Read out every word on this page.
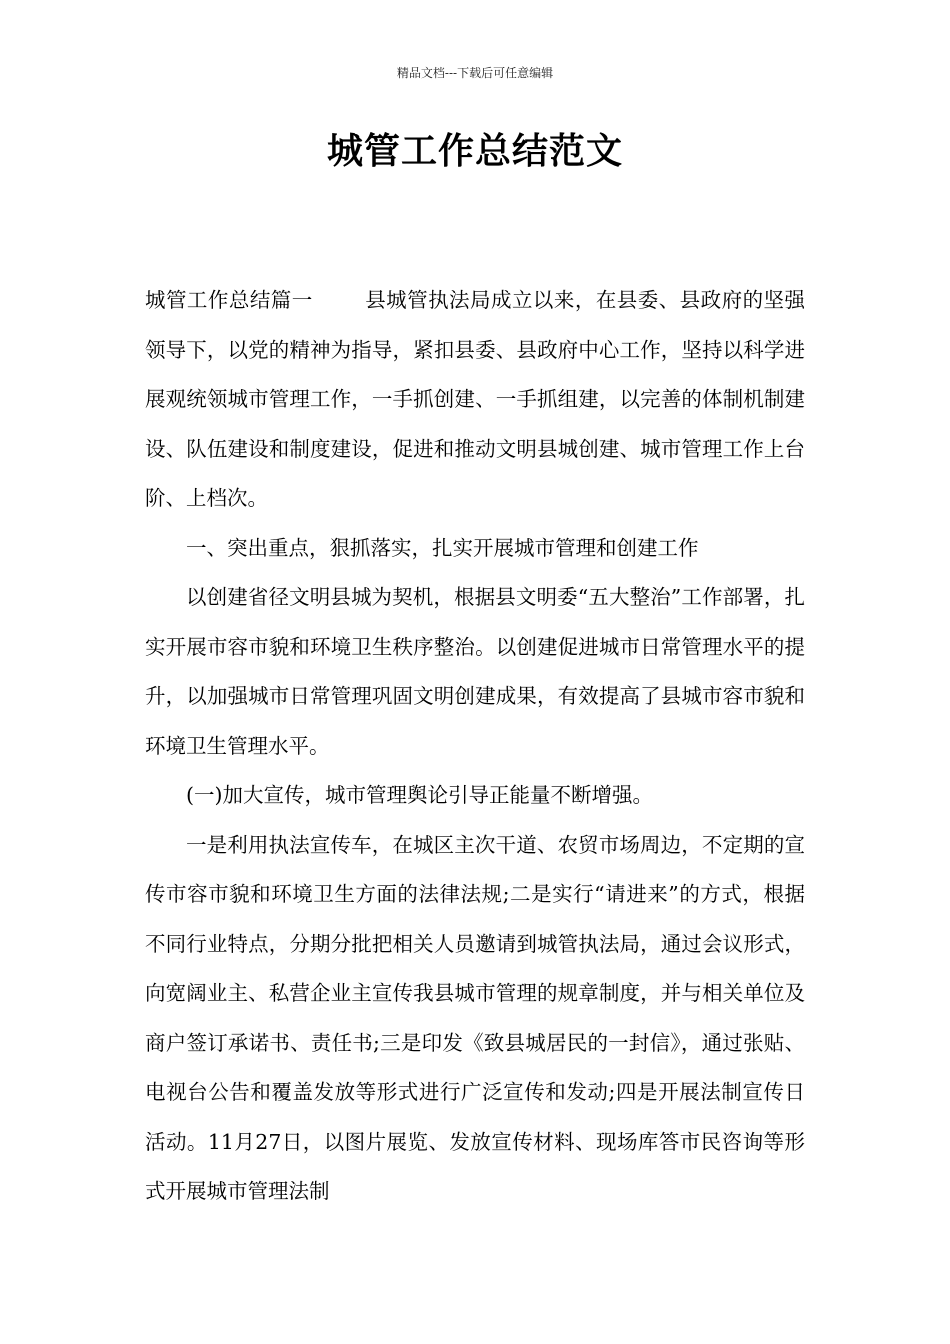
精品文档---下载后可任意编辑
城管工作总结范文

城管工作总结篇一	县城管执法局成立以来，在县委、县政府的坚强领导下，以党的精神为指导，紧扣县委、县政府中心工作，坚持以科学进展观统领城市管理工作，一手抓创建、一手抓组建，以完善的体制机制建设、队伍建设和制度建设，促进和推动文明县城创建、城市管理工作上台阶、上档次。

一、突出重点，狠抓落实，扎实开展城市管理和创建工作

以创建省径文明县城为契机，根据县文明委“五大整治”工作部署，扎实开展市容市貌和环境卫生秩序整治。以创建促进城市日常管理水平的提升，以加强城市日常管理巩固文明创建成果，有效提高了县城市容市貌和环境卫生管理水平。

(一)加大宣传，城市管理舆论引导正能量不断增强。

一是利用执法宣传车，在城区主次干道、农贸市场周边，不定期的宣传市容市貌和环境卫生方面的法律法规;二是实行“请进来”的方式，根据不同行业特点，分期分批把相关人员邀请到城管执法局，通过会议形式，向宽阔业主、私营企业主宣传我县城市管理的规章制度，并与相关单位及商户签订承诺书、责任书;三是印发《致县城居民的一封信》，通过张贴、电视台公告和覆盖发放等形式进行广泛宣传和发动;四是开展法制宣传日活动。11月27日，以图片展览、发放宣传材料、现场库答市民咨询等形式开展城市管理法制
